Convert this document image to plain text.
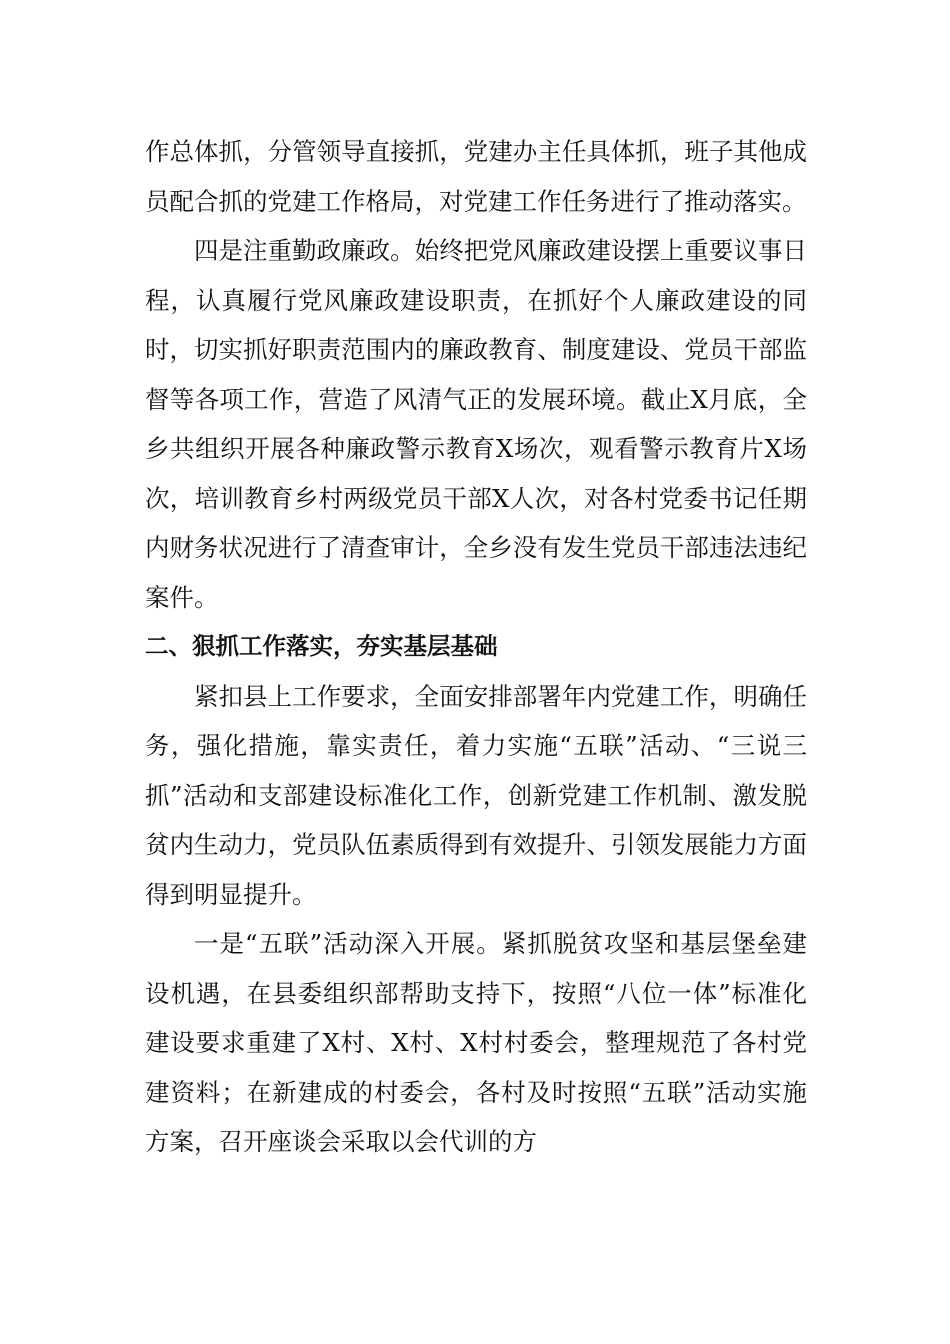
作总体抓，分管领导直接抓，党建办主任具体抓，班子其他成员配合抓的党建工作格局，对党建工作任务进行了推动落实。

四是注重勤政廉政。始终把党风廉政建设摆上重要议事日程，认真履行党风廉政建设职责，在抓好个人廉政建设的同时，切实抓好职责范围内的廉政教育、制度建设、党员干部监督等各项工作，营造了风清气正的发展环境。截止X月底，全乡共组织开展各种廉政警示教育X场次，观看警示教育片X场次，培训教育乡村两级党员干部X人次，对各村党委书记任期内财务状况进行了清查审计，全乡没有发生党员干部违法违纪案件。

二、狠抓工作落实，夯实基层基础

紧扣县上工作要求，全面安排部署年内党建工作，明确任务，强化措施，靠实责任，着力实施“五联”活动、“三说三抓”活动和支部建设标准化工作，创新党建工作机制、激发脱贫内生动力，党员队伍素质得到有效提升、引领发展能力方面得到明显提升。

一是“五联”活动深入开展。紧抓脱贫攻坚和基层堡垒建设机遇，在县委组织部帮助支持下，按照“八位一体”标准化建设要求重建了X村、X村、X村村委会，整理规范了各村党建资料；在新建成的村委会，各村及时按照“五联”活动实施方案，召开座谈会采取以会代训的方
